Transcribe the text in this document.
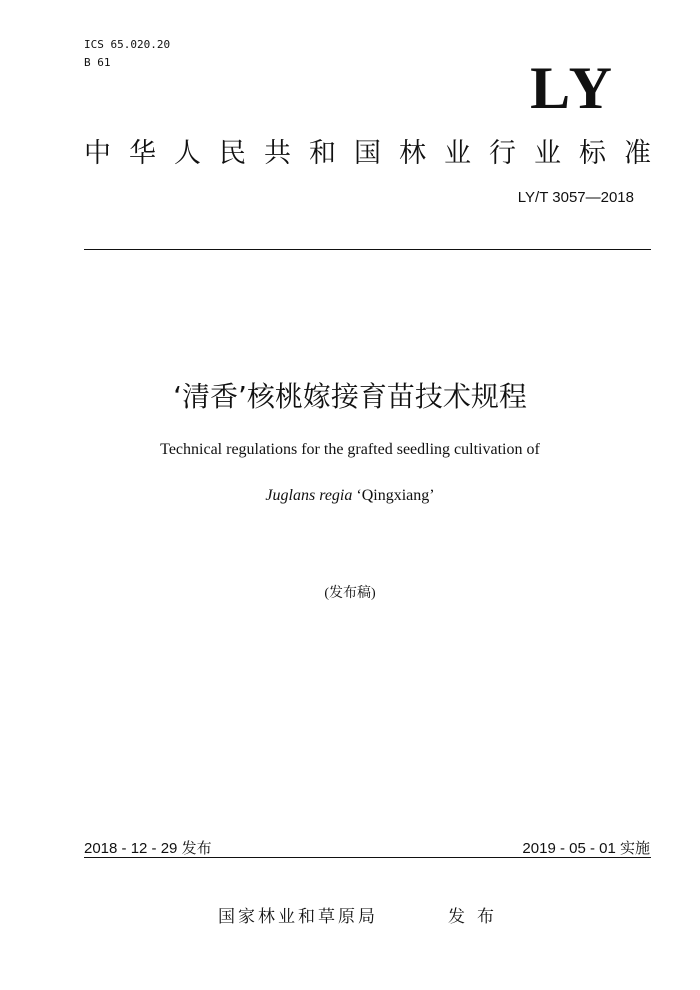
ICS 65.020.20
B 61	LY
中华人民共和国林业行业标准
LY/T 3057—2018
‘清香’核桃嫁接育苗技术规程
Technical regulations for the grafted seedling cultivation of
Juglans regia ‘Qingxiang’
(发布稿)
2018 - 12 - 29 发布	2019 - 05 - 01 实施
国家林业和草原局	发布
